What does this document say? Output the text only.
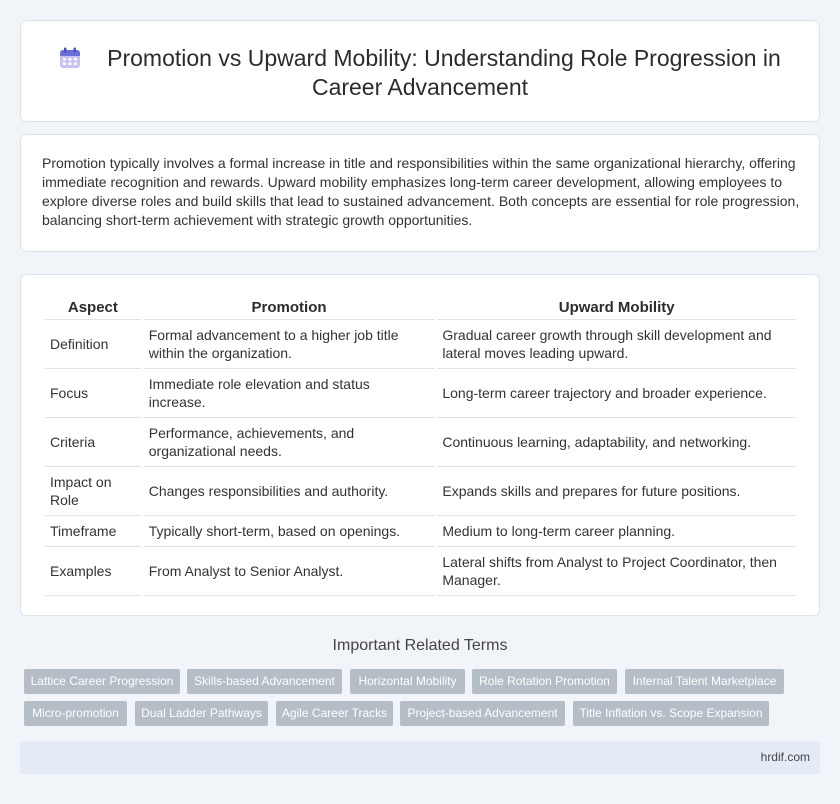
Promotion vs Upward Mobility: Understanding Role Progression in Career Advancement

Promotion typically involves a formal increase in title and responsibilities within the same organizational hierarchy, offering immediate recognition and rewards. Upward mobility emphasizes long-term career development, allowing employees to explore diverse roles and build skills that lead to sustained advancement. Both concepts are essential for role progression, balancing short-term achievement with strategic growth opportunities.

Aspect	Promotion	Upward Mobility
Definition	Formal advancement to a higher job title within the organization.	Gradual career growth through skill development and lateral moves leading upward.
Focus	Immediate role elevation and status increase.	Long-term career trajectory and broader experience.
Criteria	Performance, achievements, and organizational needs.	Continuous learning, adaptability, and networking.
Impact on Role	Changes responsibilities and authority.	Expands skills and prepares for future positions.
Timeframe	Typically short-term, based on openings.	Medium to long-term career planning.
Examples	From Analyst to Senior Analyst.	Lateral shifts from Analyst to Project Coordinator, then Manager.
Important Related Terms
Lattice Career Progression	Skills-based Advancement	Horizontal Mobility	Role Rotation Promotion	Internal Talent Marketplace
Micro-promotion	Dual Ladder Pathways	Agile Career Tracks	Project-based Advancement	Title Inflation vs. Scope Expansion
hrdif.com
